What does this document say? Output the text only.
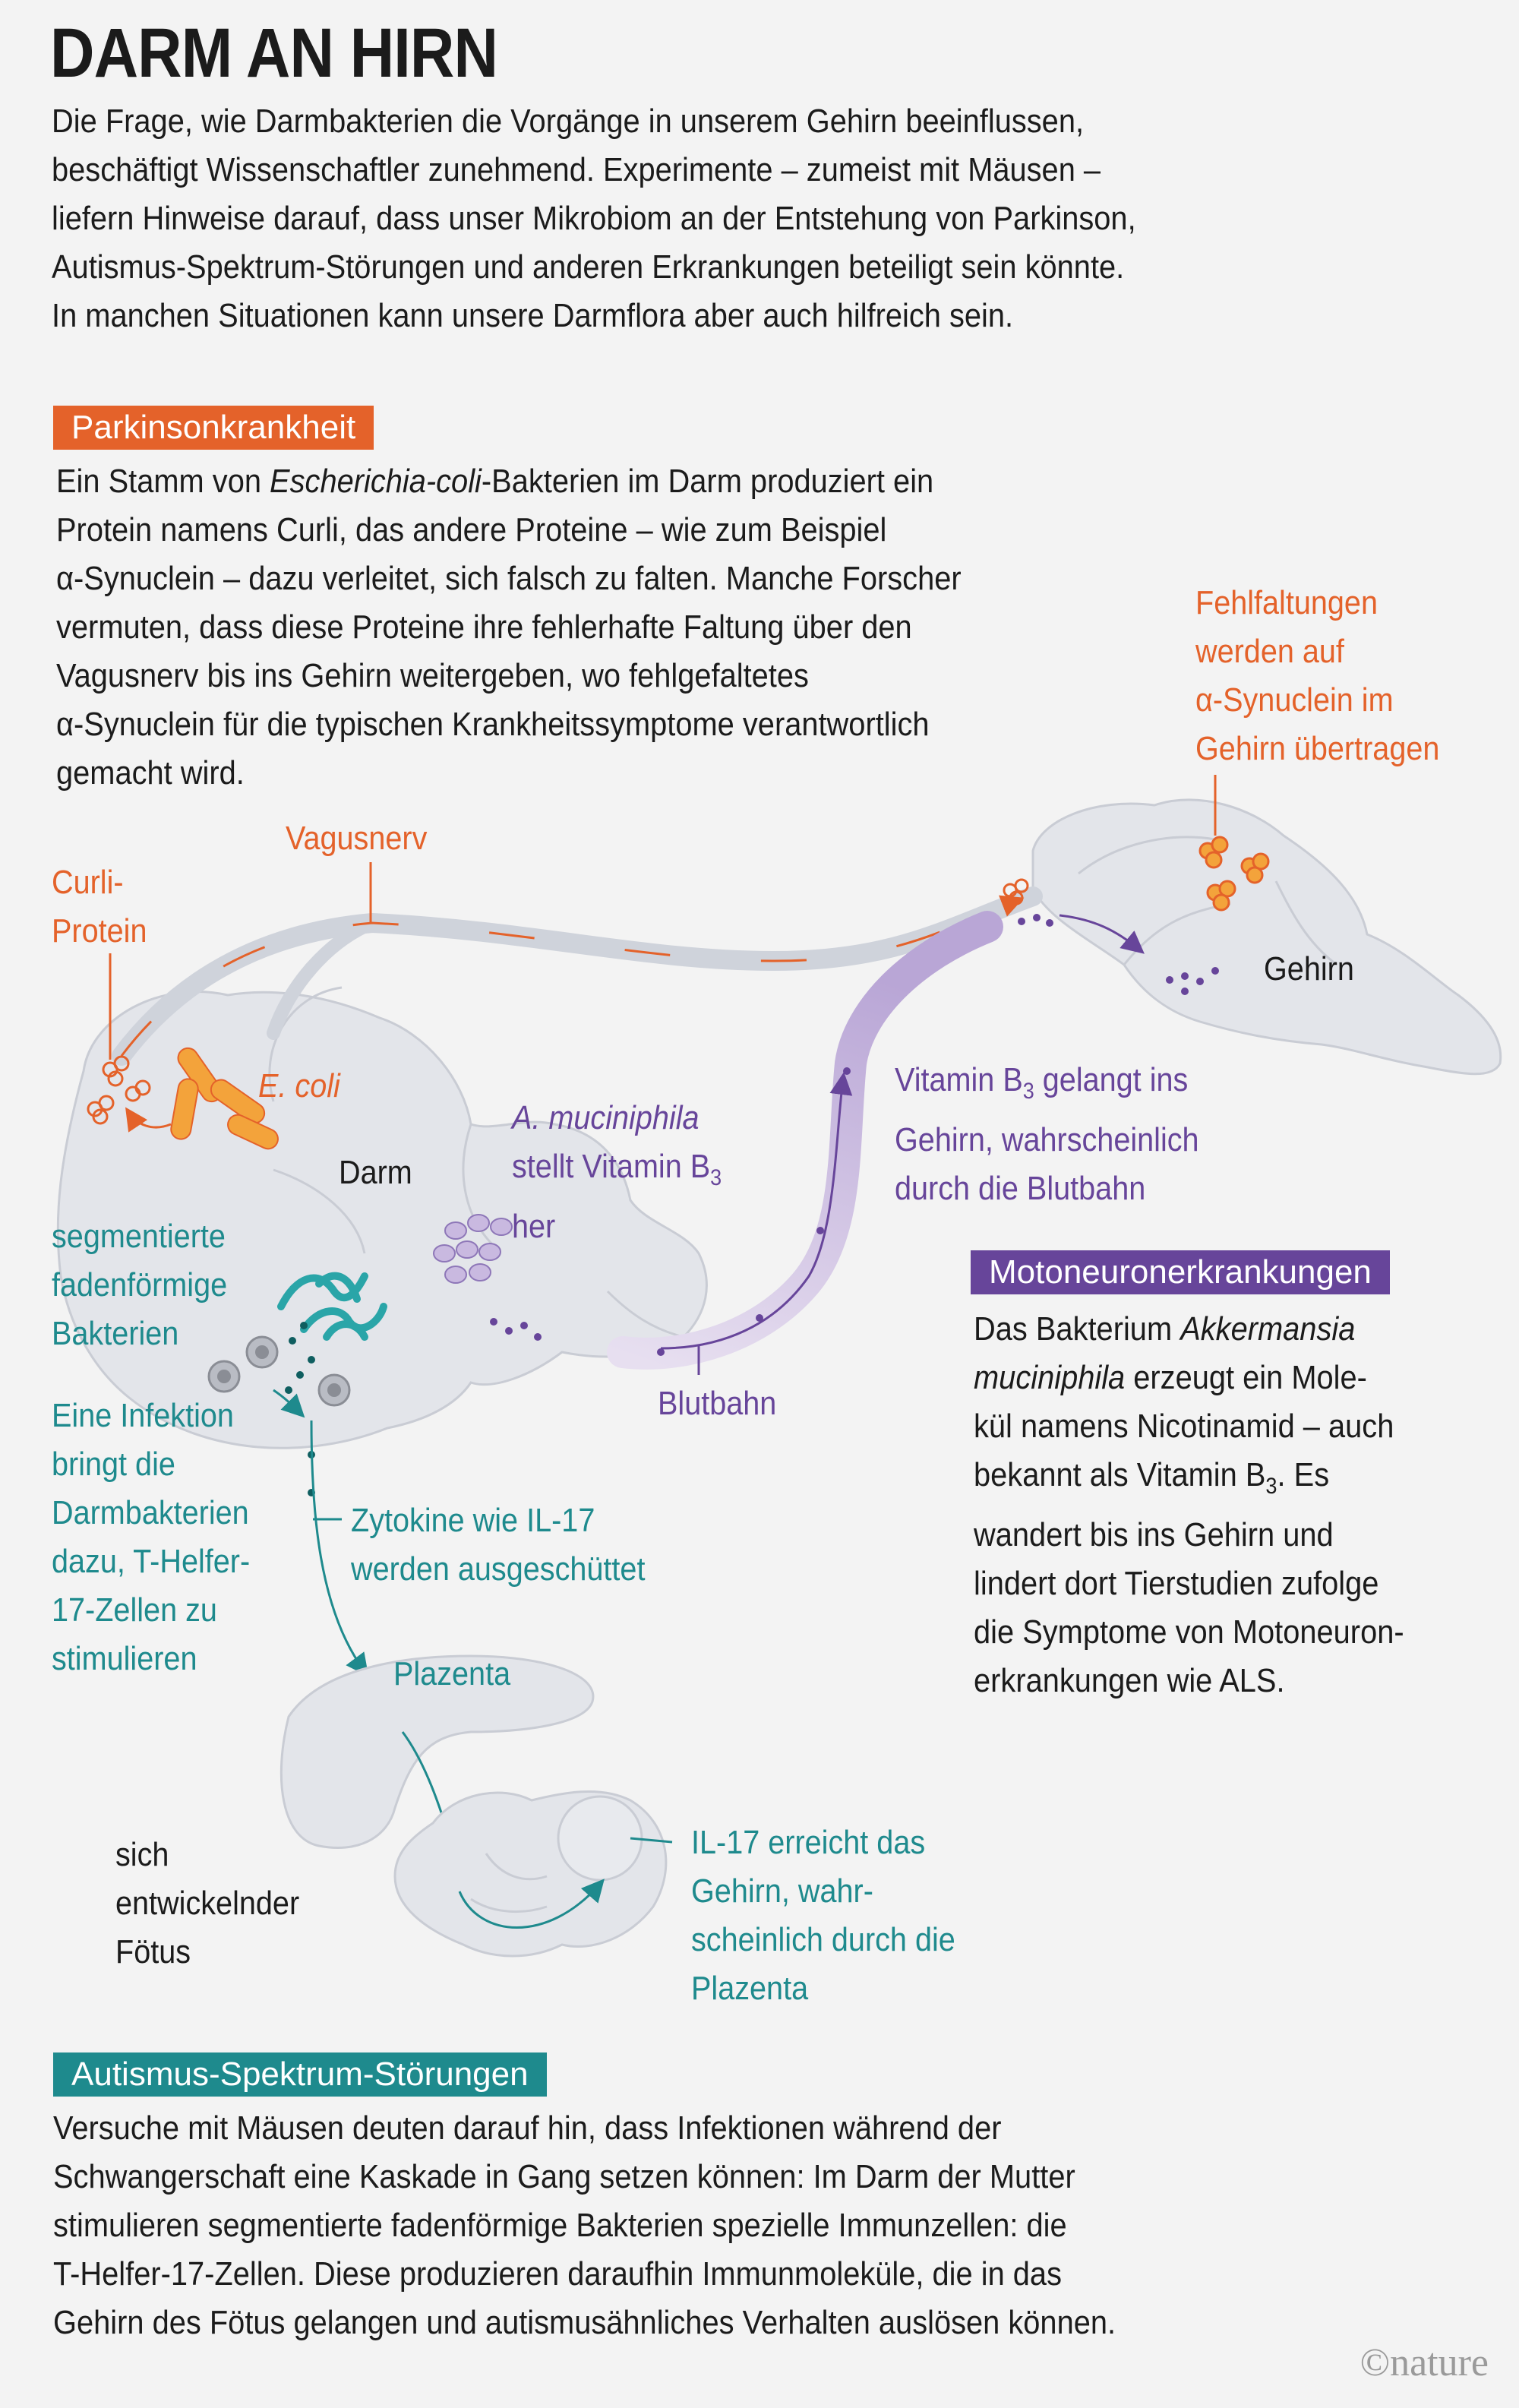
DARM AN HIRN
Die Frage, wie Darmbakterien die Vorgänge in unserem Gehirn beeinflussen,
beschäftigt Wissenschaftler zunehmend. Experimente – zumeist mit Mäusen –
liefern Hinweise darauf, dass unser Mikrobiom an der Entstehung von Parkinson,
Autismus-Spektrum-Störungen und anderen Erkrankungen beteiligt sein könnte.
In manchen Situationen kann unsere Darmflora aber auch hilfreich sein.
Parkinsonkrankheit
Ein Stamm von Escherichia-coli-Bakterien im Darm produziert ein
Protein namens Curli, das andere Proteine – wie zum Beispiel
α-Synuclein – dazu verleitet, sich falsch zu falten. Manche Forscher
vermuten, dass diese Proteine ihre fehlerhafte Faltung über den
Vagusnerv bis ins Gehirn weitergeben, wo fehlgefaltetes
α-Synuclein für die typischen Krankheitssymptome verantwortlich
gemacht wird.
Fehlfaltungen
werden auf
α-Synuclein im
Gehirn übertragen
Vagusnerv
Curli-
Protein
Gehirn
E. coli
Darm
A. muciniphila
stellt Vitamin $B_3$
her
Vitamin $B_3$ gelangt ins
Gehirn, wahrscheinlich
durch die Blutbahn
Blutbahn
segmentierte
fadenförmige
Bakterien
Eine Infektion
bringt die
Darmbakterien
dazu, T-Helfer-
17-Zellen zu
stimulieren
Zytokine wie IL-17
werden ausgeschüttet
Plazenta
sich
entwickelnder
Fötus
IL-17 erreicht das
Gehirn, wahr-
scheinlich durch die
Plazenta
Motoneuronerkrankungen
Das Bakterium Akkermansia
muciniphila erzeugt ein Mole-
kül namens Nicotinamid – auch
bekannt als Vitamin $B_3$. Es
wandert bis ins Gehirn und
lindert dort Tierstudien zufolge
die Symptome von Motoneuron-
erkrankungen wie ALS.
Autismus-Spektrum-Störungen
Versuche mit Mäusen deuten darauf hin, dass Infektionen während der
Schwangerschaft eine Kaskade in Gang setzen können: Im Darm der Mutter
stimulieren segmentierte fadenförmige Bakterien spezielle Immunzellen: die
T-Helfer-17-Zellen. Diese produzieren daraufhin Immunmoleküle, die in das
Gehirn des Fötus gelangen und autismusähnliches Verhalten auslösen können.
©nature
